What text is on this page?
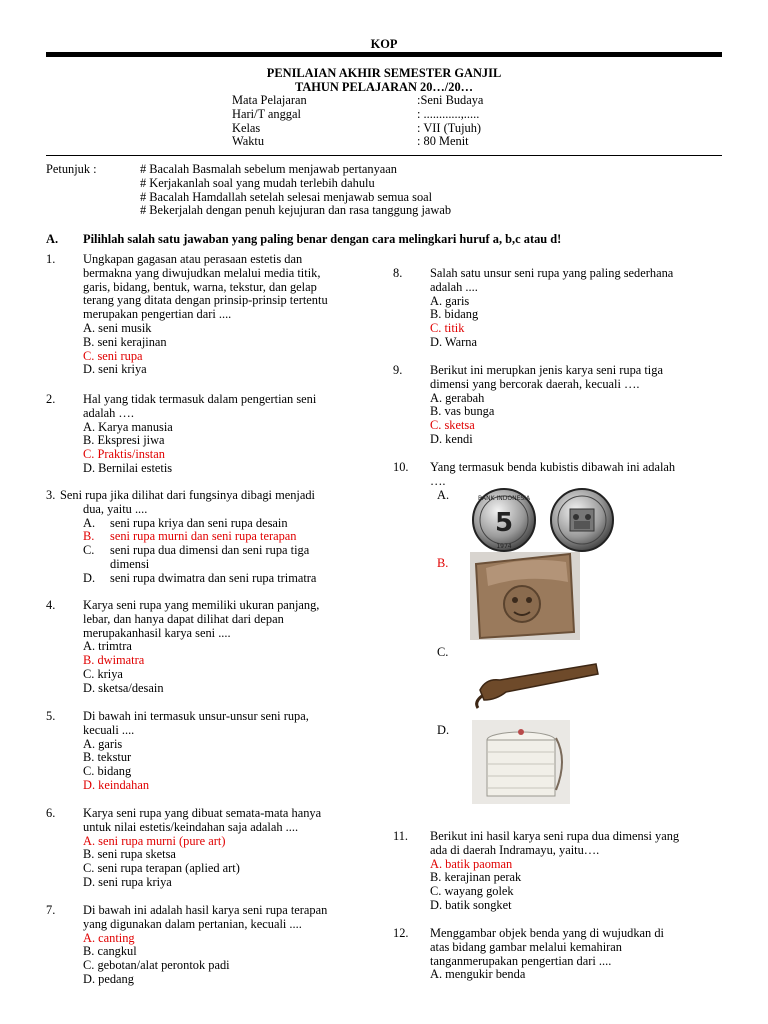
KOP
PENILAIAN AKHIR SEMESTER GANJIL
TAHUN PELAJARAN 20…/20…
Mata Pelajaran	:Seni Budaya
Hari/T anggal	: ............,.....
Kelas	: VII (Tujuh)
Waktu	: 80 Menit
Petunjuk :	# Bacalah Basmalah sebelum menjawab pertanyaan
# Kerjakanlah soal yang mudah terlebih dahulu
# Bacalah Hamdallah setelah selesai menjawab semua soal
# Bekerjalah dengan penuh kejujuran dan rasa tanggung jawab
A. Pilihlah salah satu jawaban yang paling benar dengan cara melingkari huruf a, b,c atau d!
1. Ungkapan gagasan atau perasaan estetis dan
bermakna yang diwujudkan melalui media titik,
garis, bidang, bentuk, warna, tekstur, dan gelap
terang yang ditata dengan prinsip-prinsip tertentu
merupakan pengertian dari ....
A. seni musik
B. seni kerajinan
C. seni rupa
D. seni kriya
2. Hal yang tidak termasuk dalam pengertian seni
adalah ….
A. Karya manusia
B. Ekspresi jiwa
C. Praktis/instan
D. Bernilai estetis
3. Seni rupa jika dilihat dari fungsinya dibagi menjadi
dua, yaitu ....
A. seni rupa kriya dan seni rupa desain
B. seni rupa murni dan seni rupa terapan
C. seni rupa dua dimensi dan seni rupa tiga
dimensi
D. seni rupa dwimatra dan seni rupa trimatra
4. Karya seni rupa yang memiliki ukuran panjang,
lebar, dan hanya dapat dilihat dari depan
merupakanhasil karya seni ....
A. trimtra
B. dwimatra
C. kriya
D. sketsa/desain
5. Di bawah ini termasuk unsur-unsur seni rupa,
kecuali ....
A. garis
B. tekstur
C. bidang
D. keindahan
6. Karya seni rupa yang dibuat semata-mata hanya
untuk nilai estetis/keindahan saja adalah ....
A. seni rupa murni (pure art)
B. seni rupa sketsa
C. seni rupa terapan (aplied art)
D. seni rupa kriya
7. Di bawah ini adalah hasil karya seni rupa terapan
yang digunakan dalam pertanian, kecuali ....
A. canting
B. cangkul
C. gebotan/alat perontok padi
D. pedang
8. Salah satu unsur seni rupa yang paling sederhana
adalah ....
A. garis
B. bidang
C. titik
D. Warna
9. Berikut ini merupkan jenis karya seni rupa tiga
dimensi yang bercorak daerah, kecuali ….
A. gerabah
B. vas bunga
C. sketsa
D. kendi
10. Yang termasuk benda kubistis dibawah ini adalah
….
A.
B.
C.
D.
11. Berikut ini hasil karya seni rupa dua dimensi yang
ada di daerah Indramayu, yaitu….
A. batik paoman
B. kerajinan perak
C. wayang golek
D. batik songket
12. Menggambar objek benda yang di wujudkan di
atas bidang gambar melalui kemahiran
tanganmerupakan pengertian dari ....
A. mengukir benda
5
BANK INDONESIA
1974
